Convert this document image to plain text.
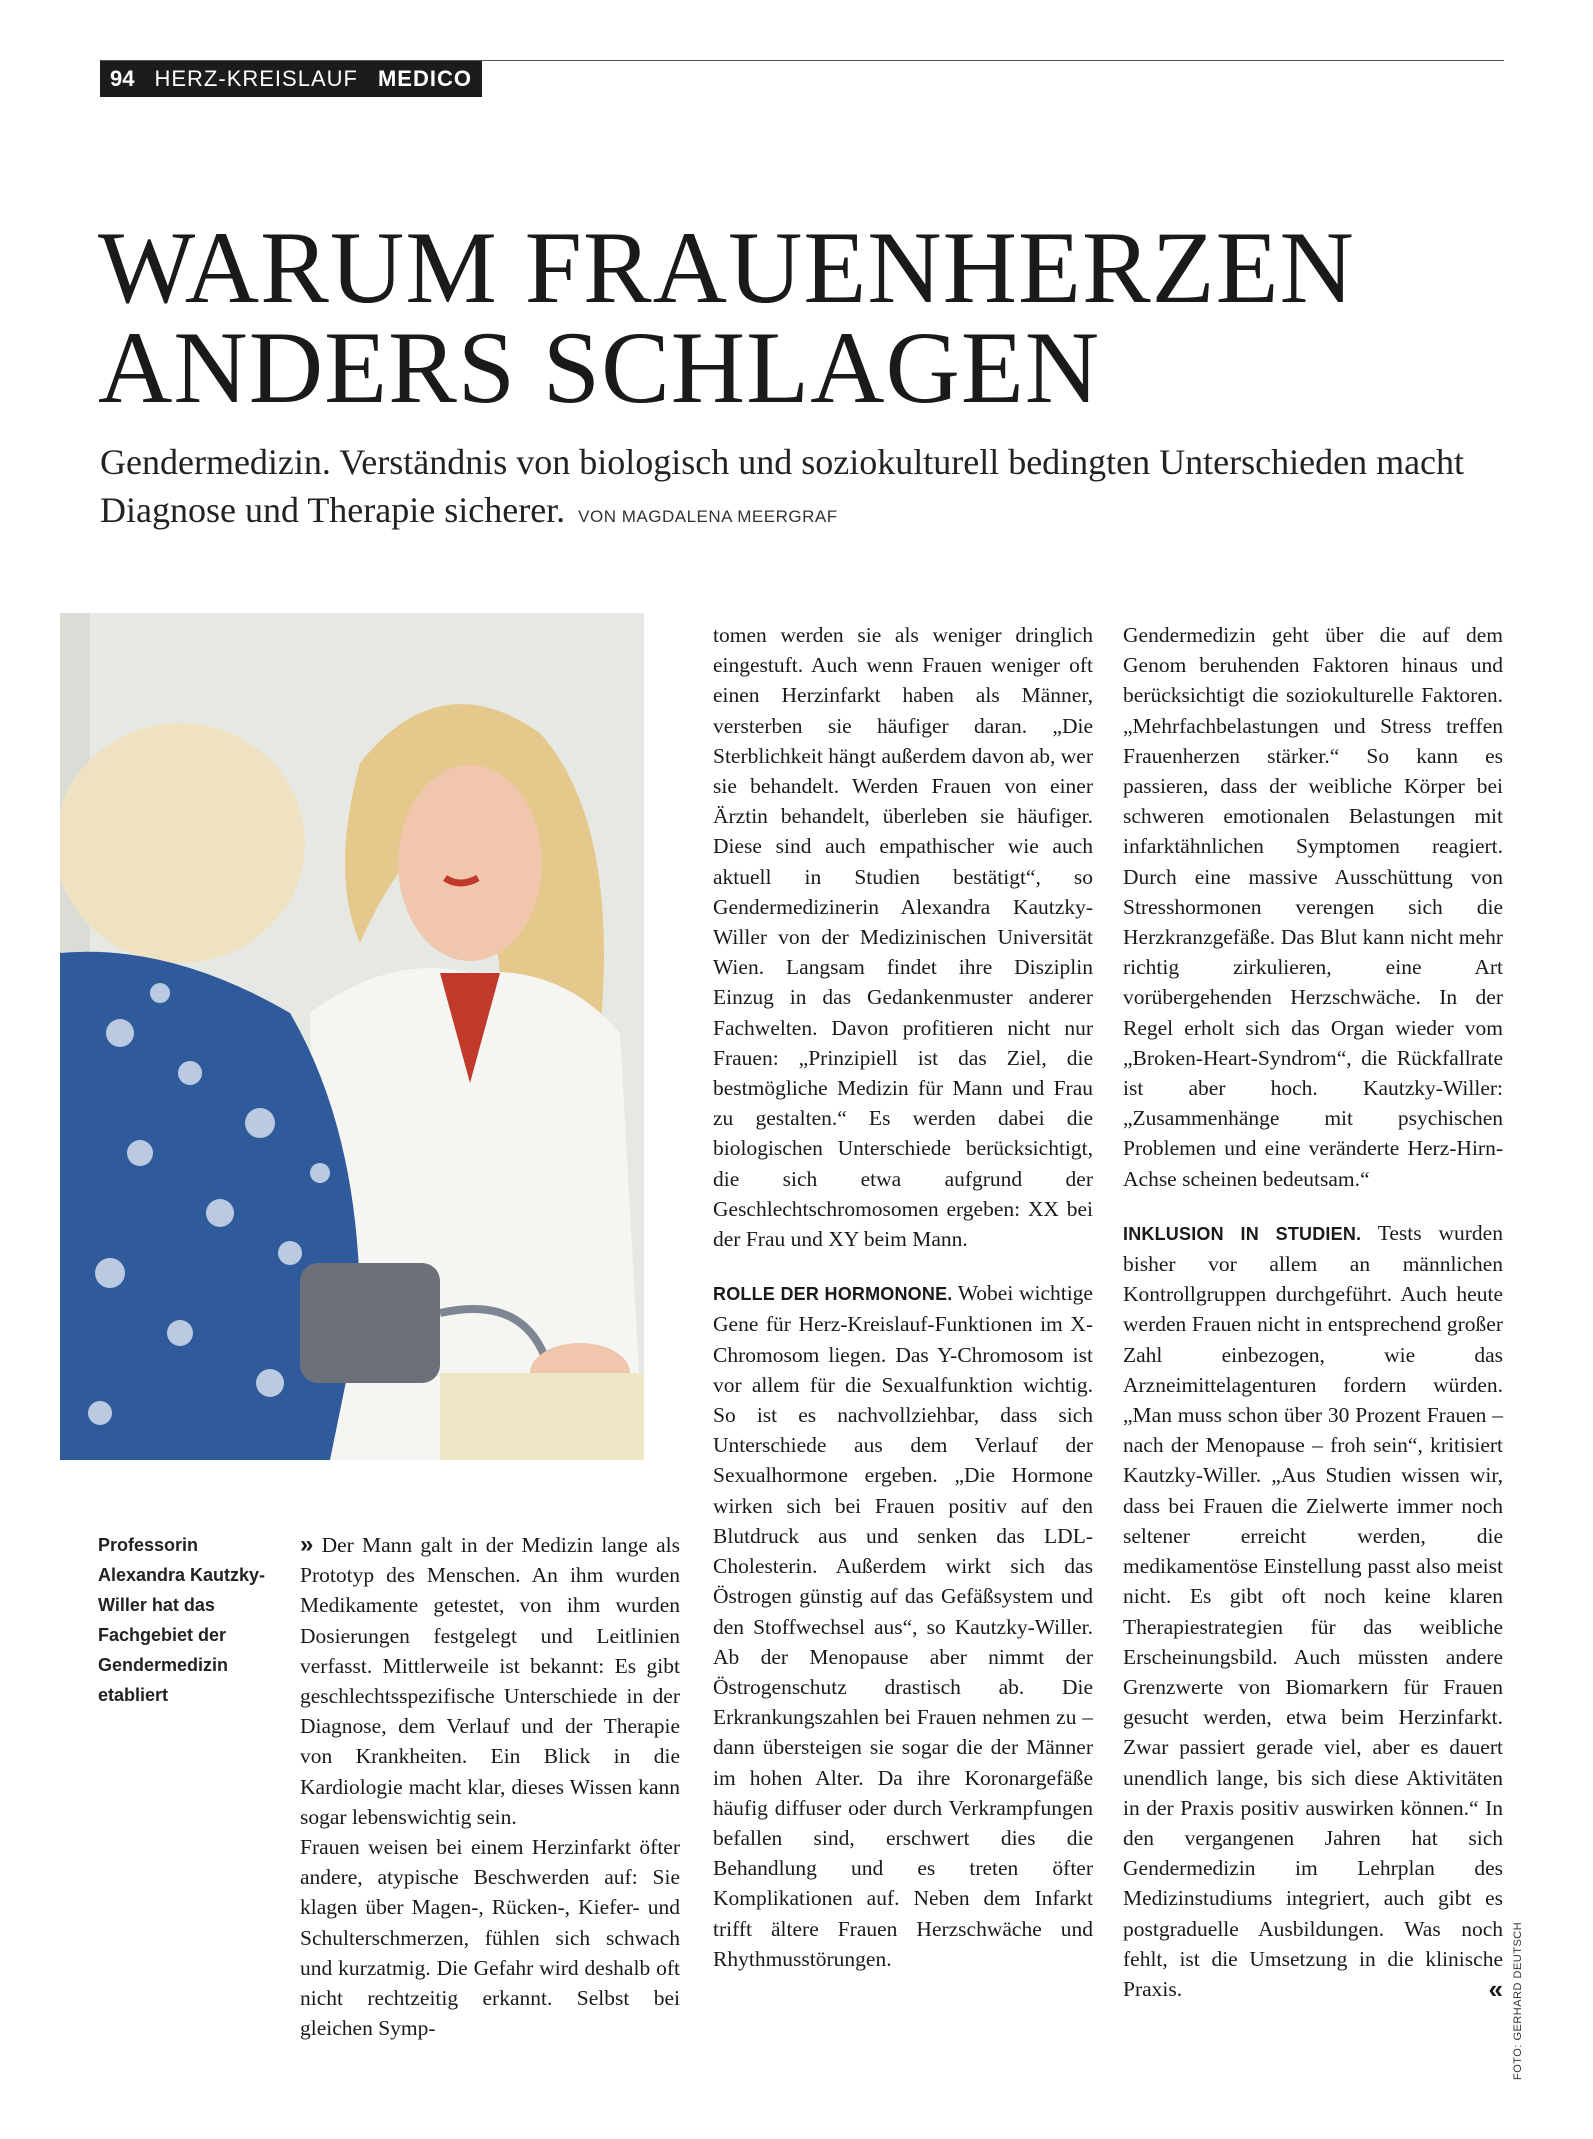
94 HERZ-KREISLAUF MEDICO
WARUM FRAUENHERZEN
ANDERS SCHLAGEN
Gendermedizin. Verständnis von biologisch und soziokulturell bedingten Unterschieden macht Diagnose und Therapie sicherer. VON MAGDALENA MEERGRAF
Professorin Alexandra Kautzky-Willer hat das Fachgebiet der Gendermedizin etabliert

» Der Mann galt in der Medizin lange als Prototyp des Menschen. An ihm wurden Medikamente getestet, von ihm wurden Dosierungen festgelegt und Leitlinien verfasst. Mittlerweile ist bekannt: Es gibt geschlechtsspezifische Unterschiede in der Diagnose, dem Verlauf und der Therapie von Krankheiten. Ein Blick in die Kardiologie macht klar, dieses Wissen kann sogar lebenswichtig sein.

Frauen weisen bei einem Herzinfarkt öfter andere, atypische Beschwerden auf: Sie klagen über Magen-, Rücken-, Kiefer- und Schulterschmerzen, fühlen sich schwach und kurzatmig. Die Gefahr wird deshalb oft nicht rechtzeitig erkannt. Selbst bei gleichen Symp-

tomen werden sie als weniger dringlich eingestuft. Auch wenn Frauen weniger oft einen Herzinfarkt haben als Männer, versterben sie häufiger daran. „Die Sterblichkeit hängt außerdem davon ab, wer sie behandelt. Werden Frauen von einer Ärztin behandelt, überleben sie häufiger. Diese sind auch empathischer wie auch aktuell in Studien bestätigt“, so Gendermedizinerin Alexandra Kautzky-Willer von der Medizinischen Universität Wien. Langsam findet ihre Disziplin Einzug in das Gedankenmuster anderer Fachwelten. Davon profitieren nicht nur Frauen: „Prinzipiell ist das Ziel, die bestmögliche Medizin für Mann und Frau zu gestalten.“ Es werden dabei die biologischen Unterschiede berücksichtigt, die sich etwa aufgrund der Geschlechtschromosomen ergeben: XX bei der Frau und XY beim Mann.

ROLLE DER HORMONONE. Wobei wichtige Gene für Herz-Kreislauf-Funktionen im X-Chromosom liegen. Das Y-Chromosom ist vor allem für die Sexualfunktion wichtig. So ist es nachvollziehbar, dass sich Unterschiede aus dem Verlauf der Sexualhormone ergeben. „Die Hormone wirken sich bei Frauen positiv auf den Blutdruck aus und senken das LDL-Cholesterin. Außerdem wirkt sich das Östrogen günstig auf das Gefäßsystem und den Stoffwechsel aus“, so Kautzky-Willer. Ab der Menopause aber nimmt der Östrogenschutz drastisch ab. Die Erkrankungszahlen bei Frauen nehmen zu – dann übersteigen sie sogar die der Männer im hohen Alter. Da ihre Koronargefäße häufig diffuser oder durch Verkrampfungen befallen sind, erschwert dies die Behandlung und es treten öfter Komplikationen auf. Neben dem Infarkt trifft ältere Frauen Herzschwäche und Rhythmusstörungen.

Gendermedizin geht über die auf dem Genom beruhenden Faktoren hinaus und berücksichtigt die soziokulturelle Faktoren. „Mehrfachbelastungen und Stress treffen Frauenherzen stärker.“ So kann es passieren, dass der weibliche Körper bei schweren emotionalen Belastungen mit infarktähnlichen Symptomen reagiert. Durch eine massive Ausschüttung von Stresshormonen verengen sich die Herzkranzgefäße. Das Blut kann nicht mehr richtig zirkulieren, eine Art vorübergehenden Herzschwäche. In der Regel erholt sich das Organ wieder vom „Broken-Heart-Syndrom“, die Rückfallrate ist aber hoch. Kautzky-Willer: „Zusammenhänge mit psychischen Problemen und eine veränderte Herz-Hirn-Achse scheinen bedeutsam.“

INKLUSION IN STUDIEN. Tests wurden bisher vor allem an männlichen Kontrollgruppen durchgeführt. Auch heute werden Frauen nicht in entsprechend großer Zahl einbezogen, wie das Arzneimittelagenturen fordern würden. „Man muss schon über 30 Prozent Frauen – nach der Menopause – froh sein“, kritisiert Kautzky-Willer. „Aus Studien wissen wir, dass bei Frauen die Zielwerte immer noch seltener erreicht werden, die medikamentöse Einstellung passt also meist nicht. Es gibt oft noch keine klaren Therapiestrategien für das weibliche Erscheinungsbild. Auch müssten andere Grenzwerte von Biomarkern für Frauen gesucht werden, etwa beim Herzinfarkt. Zwar passiert gerade viel, aber es dauert unendlich lange, bis sich diese Aktivitäten in der Praxis positiv auswirken können.“ In den vergangenen Jahren hat sich Gendermedizin im Lehrplan des Medizinstudiums integriert, auch gibt es postgraduelle Ausbildungen. Was noch fehlt, ist die Umsetzung in die klinische Praxis.	« FOTO: GERHARD DEUTSCH
